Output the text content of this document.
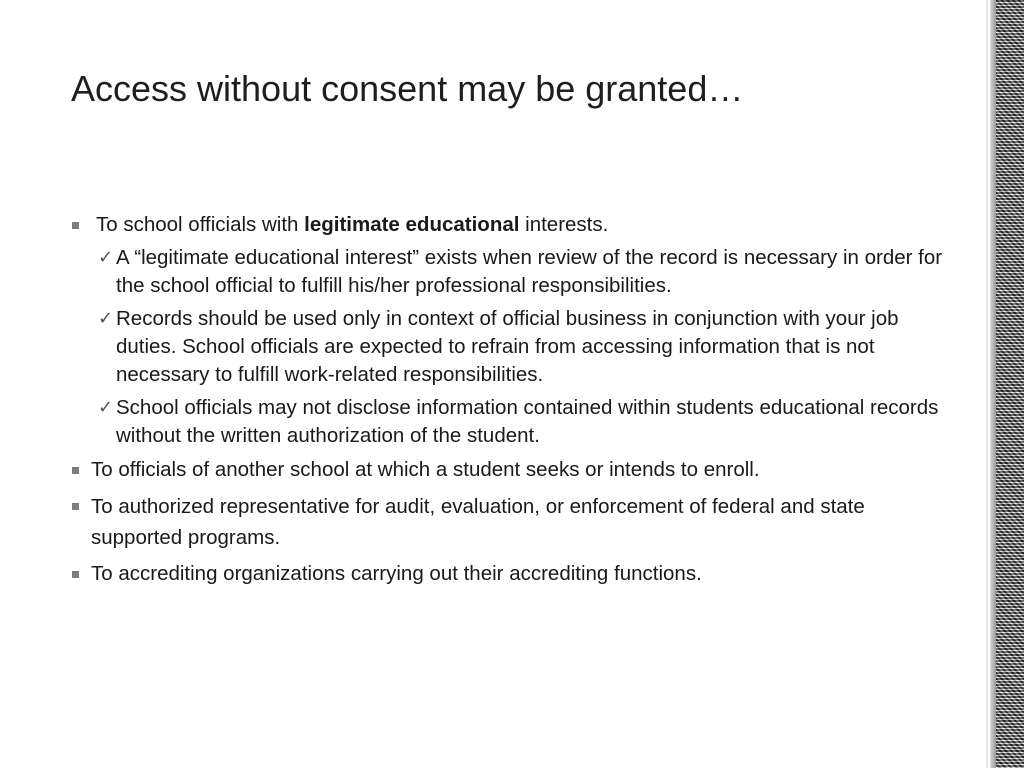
Access without consent may be granted…
To school officials with legitimate educational interests.
✓ A “legitimate educational interest” exists when review of the record is necessary in order for the school official to fulfill his/her professional responsibilities.
✓ Records should be used only in context of official business in conjunction with your job duties. School officials are expected to refrain from accessing information that is not necessary to fulfill work-related responsibilities.
✓ School officials may not disclose information contained within students educational records without the written authorization of the student.
To officials of another school at which a student seeks or intends to enroll.
To authorized representative for audit, evaluation, or enforcement of federal and state supported programs.
To accrediting organizations carrying out their accrediting functions.
